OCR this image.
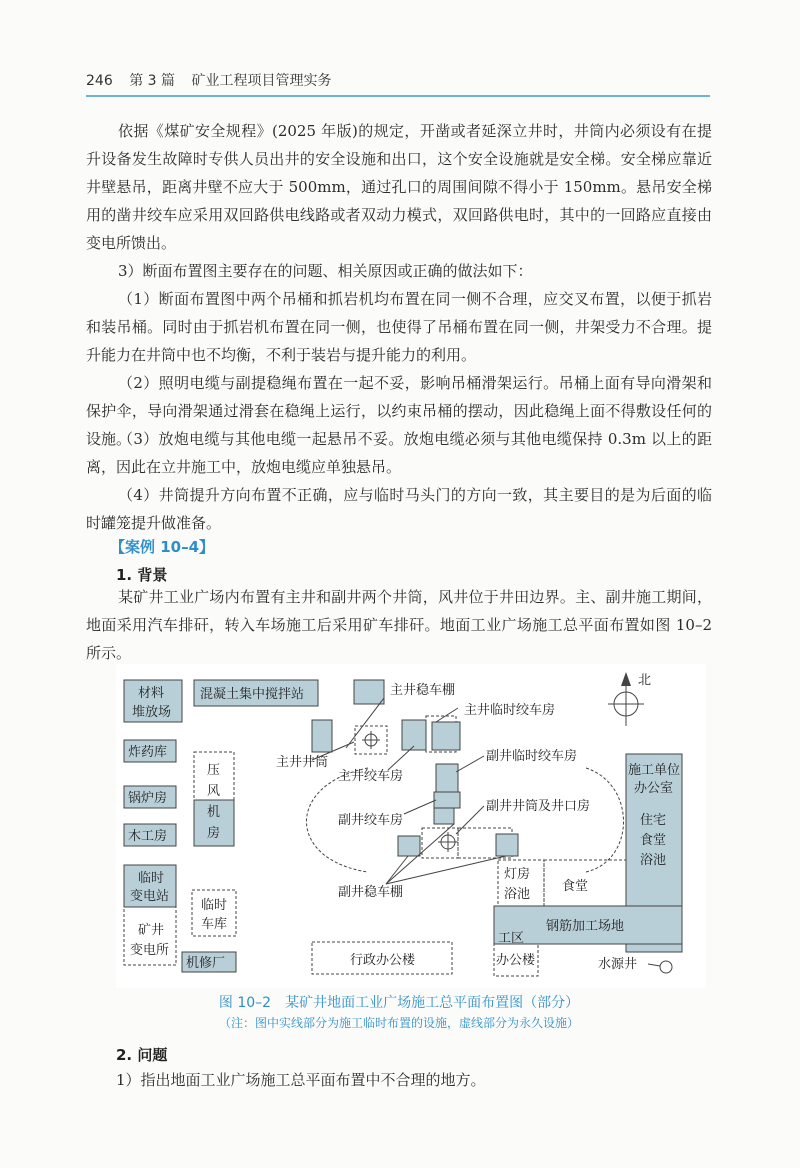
246 第 3 篇 矿业工程项目管理实务

依据《煤矿安全规程》(2025 年版)的规定，开凿或者延深立井时，井筒内必须设有在提升设备发生故障时专供人员出井的安全设施和出口，这个安全设施就是安全梯。安全梯应靠近井壁悬吊，距离井壁不应大于 500mm，通过孔口的周围间隙不得小于 150mm。悬吊安全梯用的凿井绞车应采用双回路供电线路或者双动力模式，双回路供电时，其中的一回路应直接由变电所馈出。

3）断面布置图主要存在的问题、相关原因或正确的做法如下：

（1）断面布置图中两个吊桶和抓岩机均布置在同一侧不合理，应交叉布置，以便于抓岩和装吊桶。同时由于抓岩机布置在同一侧，也使得了吊桶布置在同一侧，井架受力不合理。提升能力在井筒中也不均衡，不利于装岩与提升能力的利用。

（2）照明电缆与副提稳绳布置在一起不妥，影响吊桶滑架运行。吊桶上面有导向滑架和保护伞，导向滑架通过滑套在稳绳上运行，以约束吊桶的摆动，因此稳绳上面不得敷设任何的设施。

（3）放炮电缆与其他电缆一起悬吊不妥。放炮电缆必须与其他电缆保持 0.3m 以上的距离，因此在立井施工中，放炮电缆应单独悬吊。

（4）井筒提升方向布置不正确，应与临时马头门的方向一致，其主要目的是为后面的临时罐笼提升做准备。

【案例 10–4】
1. 背景

某矿井工业广场内布置有主井和副井两个井筒，风井位于井田边界。主、副井施工期间，地面采用汽车排矸，转入车场施工后采用矿车排矸。地面工业广场施工总平面布置如图 10–2 所示。

材料
堆放场
混凝土集中搅拌站
炸药库
锅炉房
木工房
临时
变电站
矿井
变电所
压
风
机
房
临时
车库
机修厂
主井稳车棚
主井临时绞车房
主井井筒
主井绞车房
副井临时绞车房
副井绞车房
副井井筒及井口房
副井稳车棚
北
施工单位
办公室
住宅
食堂
浴池
灯房
浴池
食堂
钢筋加工场地
工区
办公楼
行政办公楼	水源井
图 10–2　某矿井地面工业广场施工总平面布置图（部分）
（注：图中实线部分为施工临时布置的设施，虚线部分为永久设施）
2. 问题

1）指出地面工业广场施工总平面布置中不合理的地方。
